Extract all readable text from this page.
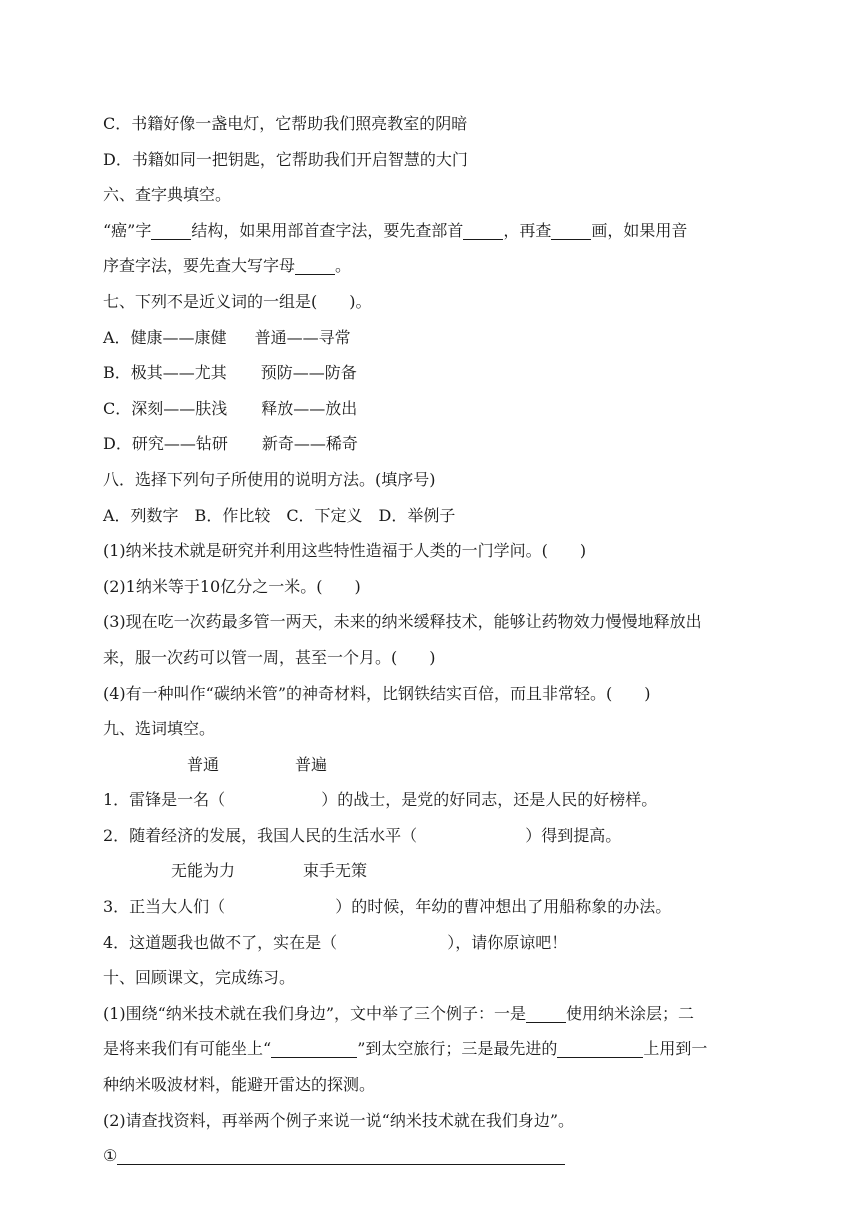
C．书籍好像一盏电灯，它帮助我们照亮教室的阴暗
D．书籍如同一把钥匙，它帮助我们开启智慧的大门
六、查字典填空。
“癌”字	结构，如果用部首查字法，要先查部首	，再查	画，如果用音
序查字法，要先查大写字母	。
七、下列不是近义词的一组是(　　)。
A．健康——康健 普通——寻常
B．极其——尤其 预防——防备
C．深刻——肤浅 释放——放出
D．研究——钻研 新奇——稀奇
八．选择下列句子所使用的说明方法。(填序号)
A．列数字　B．作比较　C．下定义　D．举例子
(1)纳米技术就是研究并利用这些特性造福于人类的一门学问。(　　)
(2)1纳米等于10亿分之一米。(　　)
(3)现在吃一次药最多管一两天，未来的纳米缓释技术，能够让药物效力慢慢地释放出
来，服一次药可以管一周，甚至一个月。(　　)
(4)有一种叫作“碳纳米管”的神奇材料，比钢铁结实百倍，而且非常轻。(　　)
九、选词填空。
普通	普遍
1．雷锋是一名（	）的战士，是党的好同志，还是人民的好榜样。
2．随着经济的发展，我国人民的生活水平（	）得到提高。
无能为力	束手无策
3．正当大人们（	）的时候，年幼的曹冲想出了用船称象的办法。
4．这道题我也做不了，实在是（	），请你原谅吧！
十、回顾课文，完成练习。
(1)围绕“纳米技术就在我们身边”，文中举了三个例子：一是	使用纳米涂层；二
是将来我们有可能坐上“	”到太空旅行；三是最先进的	上用到一
种纳米吸波材料，能避开雷达的探测。
(2)请查找资料，再举两个例子来说一说“纳米技术就在我们身边”。
①
